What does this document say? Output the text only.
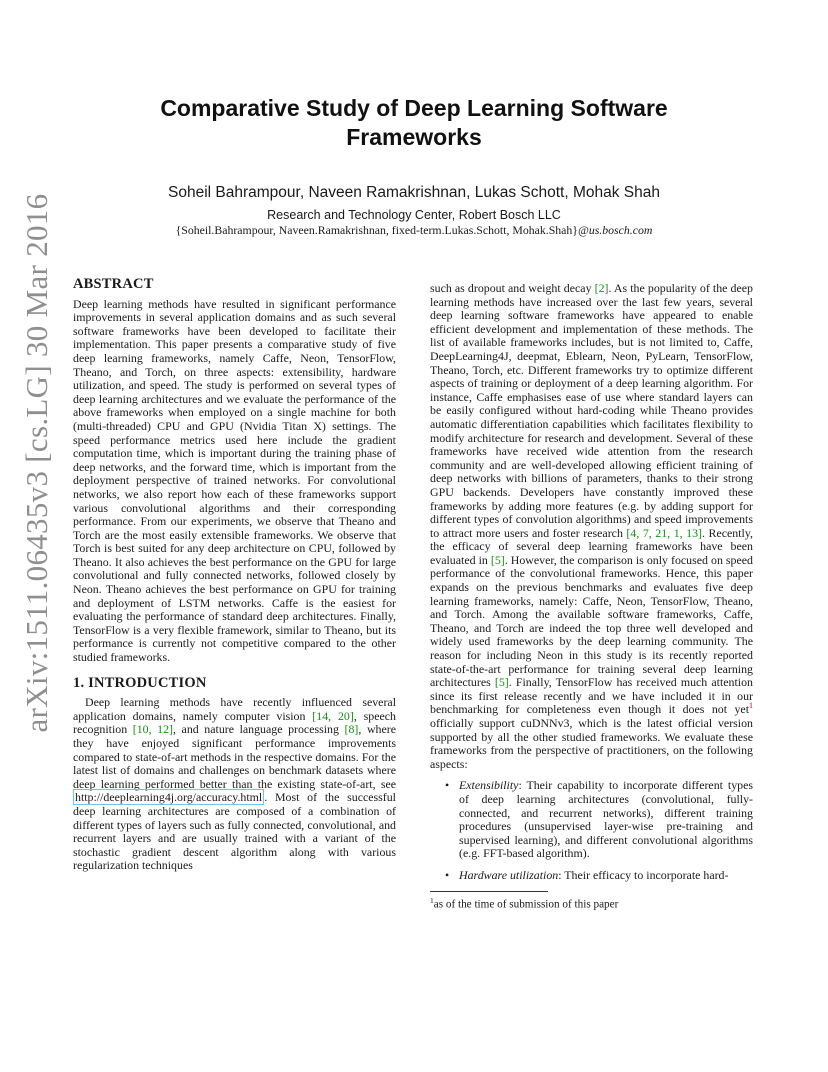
arXiv:1511.06435v3 [cs.LG] 30 Mar 2016
Comparative Study of Deep Learning Software Frameworks
Soheil Bahrampour, Naveen Ramakrishnan, Lukas Schott, Mohak Shah
Research and Technology Center, Robert Bosch LLC
{Soheil.Bahrampour, Naveen.Ramakrishnan, fixed-term.Lukas.Schott, Mohak.Shah}@us.bosch.com
ABSTRACT

Deep learning methods have resulted in significant performance improvements in several application domains and as such several software frameworks have been developed to facilitate their implementation. This paper presents a comparative study of five deep learning frameworks, namely Caffe, Neon, TensorFlow, Theano, and Torch, on three aspects: extensibility, hardware utilization, and speed. The study is performed on several types of deep learning architectures and we evaluate the performance of the above frameworks when employed on a single machine for both (multi-threaded) CPU and GPU (Nvidia Titan X) settings. The speed performance metrics used here include the gradient computation time, which is important during the training phase of deep networks, and the forward time, which is important from the deployment perspective of trained networks. For convolutional networks, we also report how each of these frameworks support various convolutional algorithms and their corresponding performance. From our experiments, we observe that Theano and Torch are the most easily extensible frameworks. We observe that Torch is best suited for any deep architecture on CPU, followed by Theano. It also achieves the best performance on the GPU for large convolutional and fully connected networks, followed closely by Neon. Theano achieves the best performance on GPU for training and deployment of LSTM networks. Caffe is the easiest for evaluating the performance of standard deep architectures. Finally, TensorFlow is a very flexible framework, similar to Theano, but its performance is currently not competitive compared to the other studied frameworks.

1. INTRODUCTION

Deep learning methods have recently influenced several application domains, namely computer vision [14, 20], speech recognition [10, 12], and nature language processing [8], where they have enjoyed significant performance improvements compared to state-of-art methods in the respective domains. For the latest list of domains and challenges on benchmark datasets where deep learning performed better than the existing state-of-art, see http://deeplearning4j.org/accuracy.html . Most of the successful deep learning architectures are composed of a combination of different types of layers such as fully connected, convolutional, and recurrent layers and are usually trained with a variant of the stochastic gradient descent algorithm along with various regularization techniques

such as dropout and weight decay [2]. As the popularity of the deep learning methods have increased over the last few years, several deep learning software frameworks have appeared to enable efficient development and implementation of these methods. The list of available frameworks includes, but is not limited to, Caffe, DeepLearning4J, deepmat, Eblearn, Neon, PyLearn, TensorFlow, Theano, Torch, etc. Different frameworks try to optimize different aspects of training or deployment of a deep learning algorithm. For instance, Caffe emphasises ease of use where standard layers can be easily configured without hard-coding while Theano provides automatic differentiation capabilities which facilitates flexibility to modify architecture for research and development. Several of these frameworks have received wide attention from the research community and are well-developed allowing efficient training of deep networks with billions of parameters, thanks to their strong GPU backends. Developers have constantly improved these frameworks by adding more features (e.g. by adding support for different types of convolution algorithms) and speed improvements to attract more users and foster research [4, 7, 21, 1, 13]. Recently, the efficacy of several deep learning frameworks have been evaluated in [5]. However, the comparison is only focused on speed performance of the convolutional frameworks. Hence, this paper expands on the previous benchmarks and evaluates five deep learning frameworks, namely: Caffe, Neon, TensorFlow, Theano, and Torch. Among the available software frameworks, Caffe, Theano, and Torch are indeed the top three well developed and widely used frameworks by the deep learning community. The reason for including Neon in this study is its recently reported state-of-the-art performance for training several deep learning architectures [5]. Finally, TensorFlow has received much attention since its first release recently and we have included it in our benchmarking for completeness even though it does not yet$^1$ officially support cuDNNv3, which is the latest official version supported by all the other studied frameworks. We evaluate these frameworks from the perspective of practitioners, on the following aspects:

• Extensibility: Their capability to incorporate different types of deep learning architectures (convolutional, fully-connected, and recurrent networks), different training procedures (unsupervised layer-wise pre-training and supervised learning), and different convolutional algorithms (e.g. FFT-based algorithm).
• Hardware utilization: Their efficacy to incorporate hard-
$^1$as of the time of submission of this paper
